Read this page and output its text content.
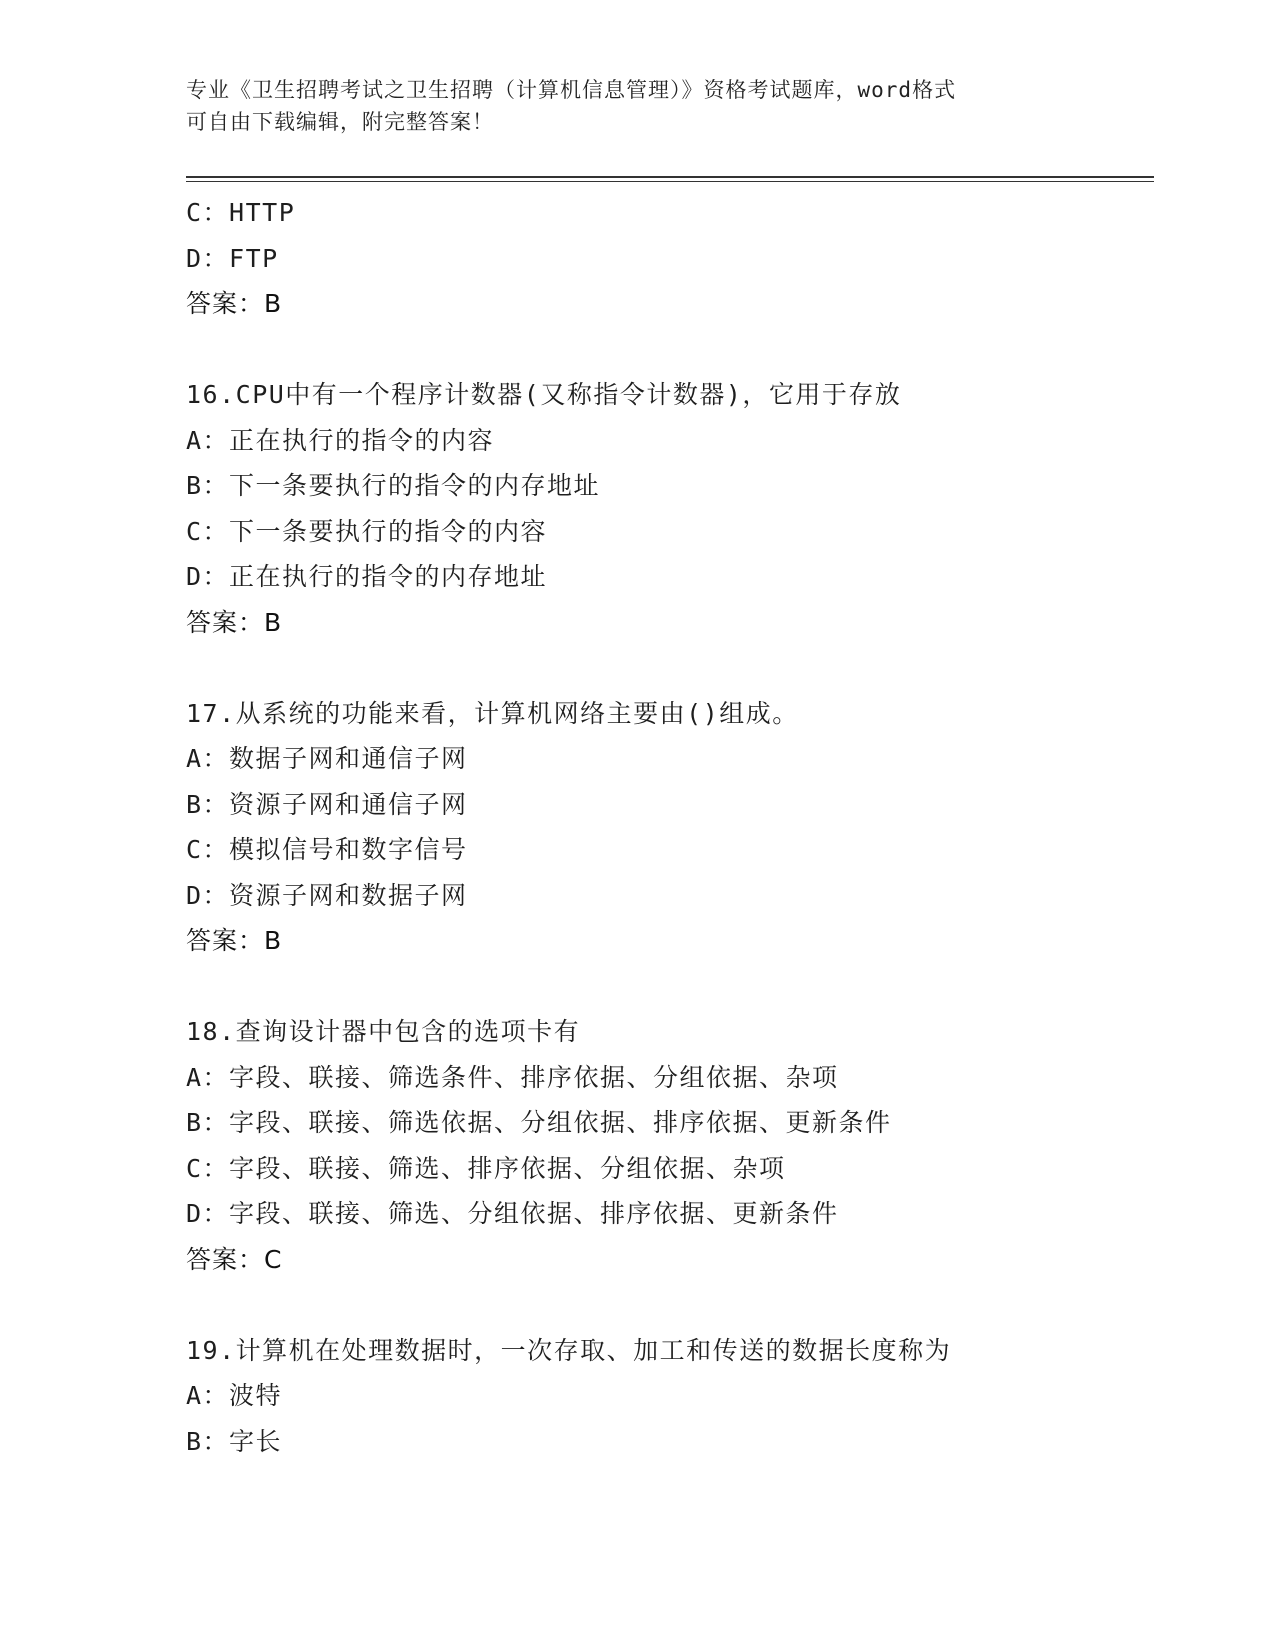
专业《卫生招聘考试之卫生招聘（计算机信息管理）》资格考试题库，word格式
可自由下载编辑，附完整答案！
C：HTTP
D：FTP
答案：B
16.CPU中有一个程序计数器(又称指令计数器)，它用于存放
A：正在执行的指令的内容
B：下一条要执行的指令的内存地址
C：下一条要执行的指令的内容
D：正在执行的指令的内存地址
答案：B
17.从系统的功能来看，计算机网络主要由()组成。
A：数据子网和通信子网
B：资源子网和通信子网
C：模拟信号和数字信号
D：资源子网和数据子网
答案：B
18.查询设计器中包含的选项卡有
A：字段、联接、筛选条件、排序依据、分组依据、杂项
B：字段、联接、筛选依据、分组依据、排序依据、更新条件
C：字段、联接、筛选、排序依据、分组依据、杂项
D：字段、联接、筛选、分组依据、排序依据、更新条件
答案：C
19.计算机在处理数据时，一次存取、加工和传送的数据长度称为
A：波特
B：字长
